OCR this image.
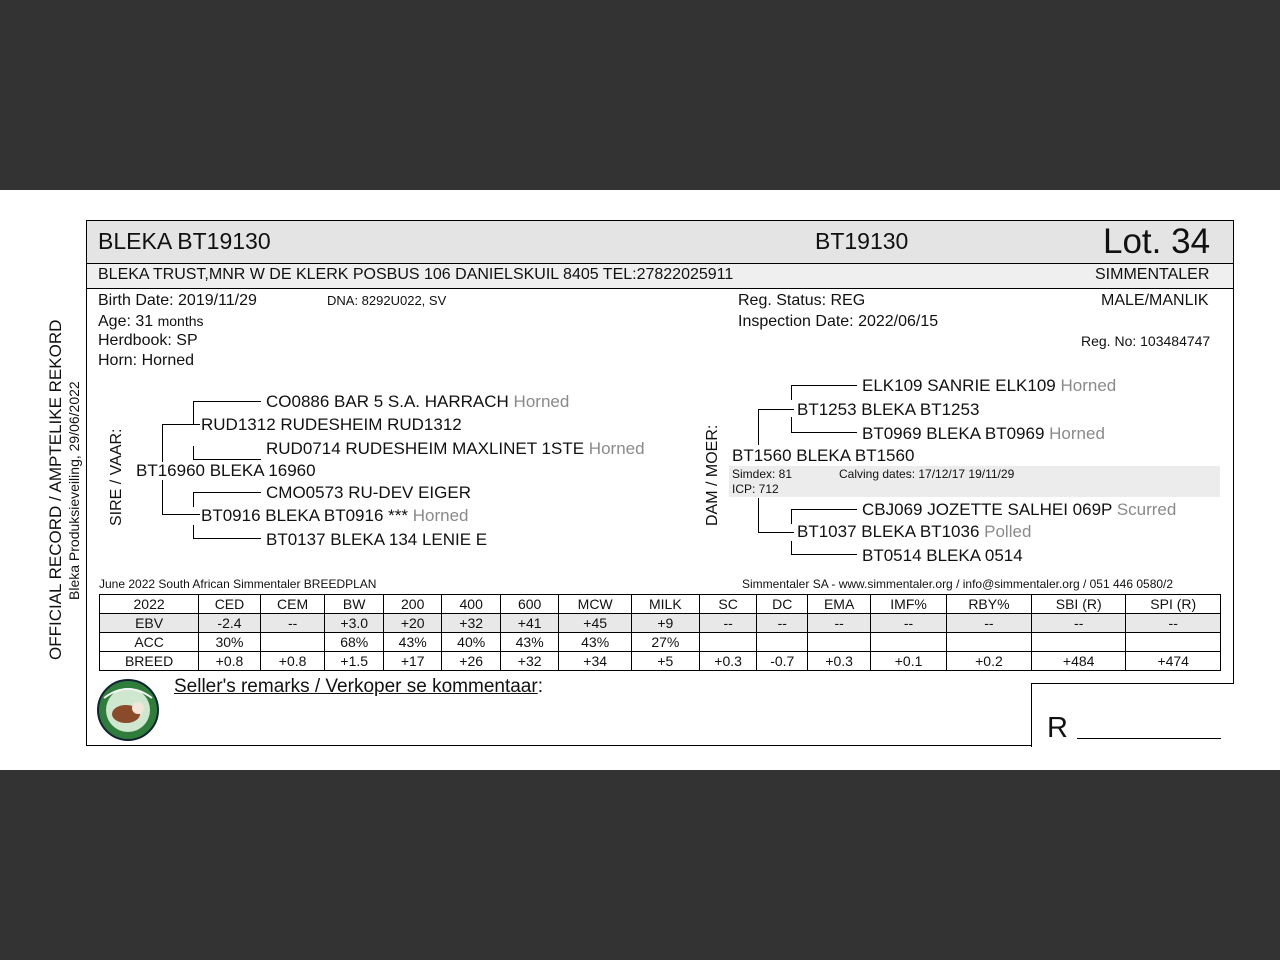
OFFICIAL RECORD / AMPTELIKE REKORD Bleka Produksieveiling, 29/06/2022
BLEKA BT19130	BT19130	Lot. 34
BLEKA TRUST,MNR W DE KLERK POSBUS 106 DANIELSKUIL 8405 TEL:27822025911	SIMMENTALER
Birth Date: 2019/11/29	DNA: 8292U022, SV
Age: 31 months
Herdbook: SP
Horn: Horned
Reg. Status: REG
Inspection Date: 2022/06/15
MALE/MANLIK
Reg. No: 103484747
SIRE / VAAR:
CO0886 BAR 5 S.A. HARRACH Horned
RUD1312 RUDESHEIM RUD1312
RUD0714 RUDESHEIM MAXLINET 1STE Horned
BT16960 BLEKA 16960
CMO0573 RU-DEV EIGER
BT0916 BLEKA BT0916 *** Horned
BT0137 BLEKA 134 LENIE E
DAM / MOER:
ELK109 SANRIE ELK109 Horned
BT1253 BLEKA BT1253
BT0969 BLEKA BT0969 Horned
BT1560 BLEKA BT1560
Simdex: 81	Calving dates: 17/12/17 19/11/29
ICP: 712
CBJ069 JOZETTE SALHEI 069P Scurred
BT1037 BLEKA BT1036 Polled
BT0514 BLEKA 0514
June 2022 South African Simmentaler BREEDPLAN	Simmentaler SA - www.simmentaler.org / info@simmentaler.org / 051 446 0580/2
2022	CED	CEM	BW	200	400	600	MCW	MILK	SC	DC	EMA	IMF%	RBY%	SBI (R)	SPI (R)
EBV	-2.4	--	+3.0	+20	+32	+41	+45	+9	--	--	--	--	--	--	--
ACC	30%		68%	43%	40%	43%	43%	27%							
BREED	+0.8	+0.8	+1.5	+17	+26	+32	+34	+5	+0.3	-0.7	+0.3	+0.1	+0.2	+484	+474
Seller's remarks / Verkoper se kommentaar:
R
